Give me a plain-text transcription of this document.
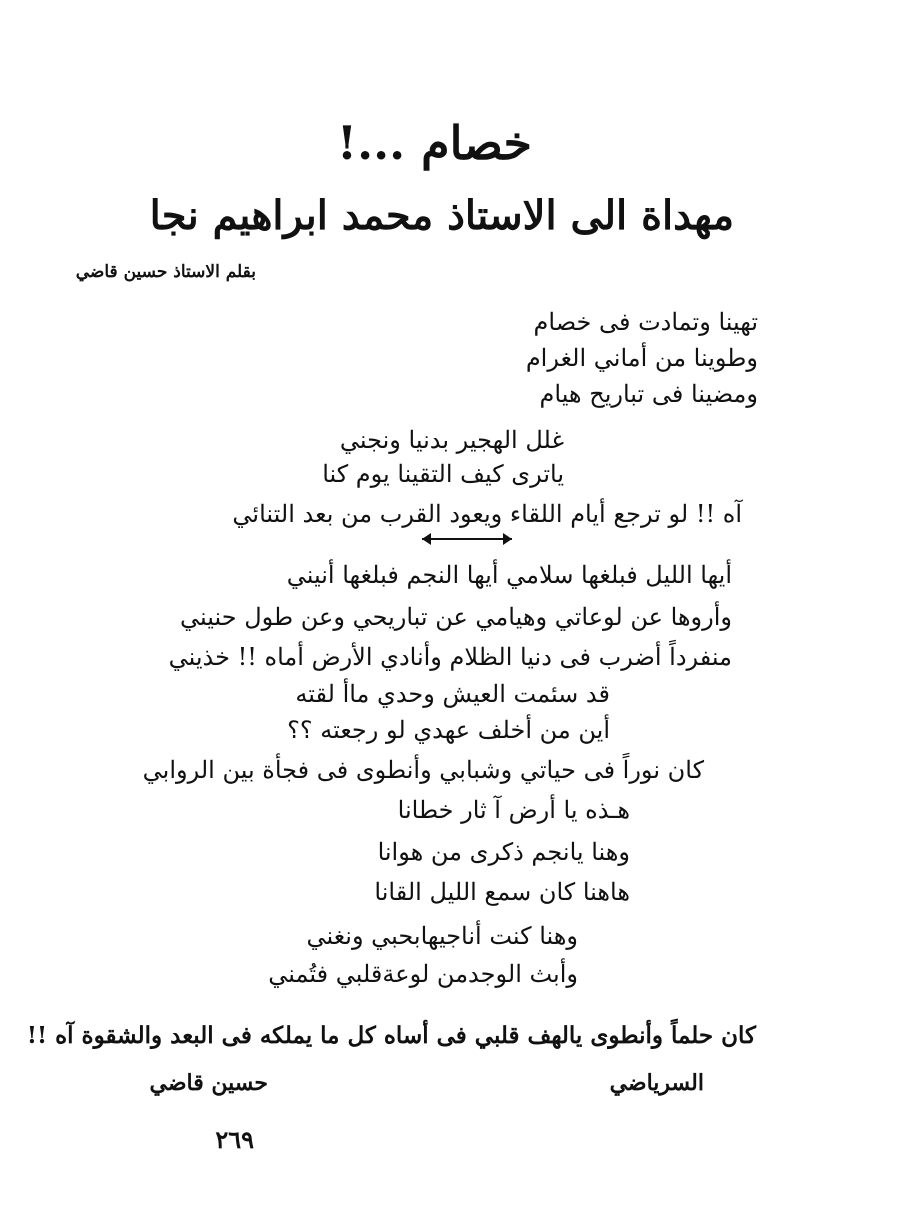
خصام ...!
مهداة الى الاستاذ محمد ابراهيم نجا
بقلم الاستاذ حسين قاضي
تهينا وتمادت فى خصام
وطوينا من أماني الغرام
ومضينا فى تباريح هيام
غلل الهجير بدنيا ونجني
ياترى كيف التقينا يوم كنا
آه !! لو ترجع أيام اللقاء ويعود القرب من بعد التنائي
أيها الليل فبلغها سلامي أيها النجم فبلغها أنيني
وأروها عن لوعاتي وهيامي عن تباريحي وعن طول حنيني
منفرداً أضرب فى دنيا الظلام وأنادي الأرض أماه !! خذيني
قد سئمت العيش وحدي ماأ لقته
أين من أخلف عهدي لو رجعته ؟؟
كان نوراً فى حياتي وشبابي وأنطوى فى فجأة بين الروابي
هـذه يا أرض آ ثار خطانا
وهنا يانجم ذكرى من هوانا
هاهنا كان سمع الليل القانا
وهنا كنت أناجيهابحبي ونغني
وأبث الوجدمن لوعةقلبي فتُمني
كان حلماً وأنطوى يالهف قلبي فى أساه كل ما يملكه فى البعد والشقوة آه !!
حسين قاضي	السرياضي
٢٦٩
